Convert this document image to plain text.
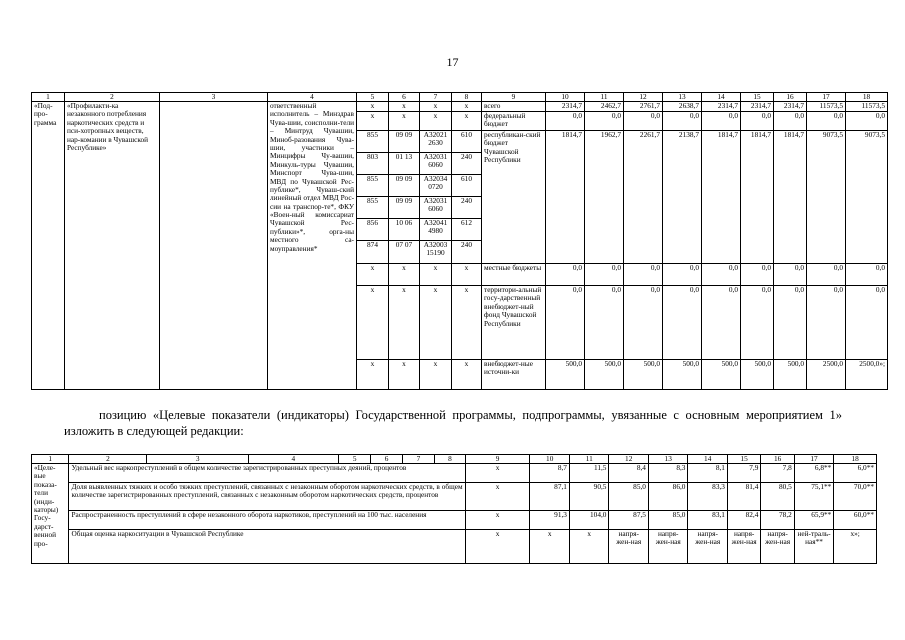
17
1	2	3	4	5	6	7	8	9	10	11	12	13	14	15	16	17	18
«Под-про-грамма	«Профилакти-ка незаконного потребления наркотических средств и пси-хотропных веществ, нар-комании в Чувашской Республике»		ответственный исполнитель – Минздрав Чува-шии, соисполни-тели – Минтруд Чувашии, Миноб-разования Чува-шии, участники – Минцифры Чу-вашии, Минкуль-туры Чувашии, Минспорт Чува-шии, МВД по Чувашской Рес-публике*, Чуваш-ский линейный отдел МВД Рос-сии на транспор-те*, ФКУ «Воен-ный комиссариат Чувашской Рес-публики»*, орга-ны местного са-моуправления*	x	x	x	x	всего	2314,7	2462,7	2761,7	2638,7	2314,7	2314,7	2314,7	11573,5	11573,5
				x	x	x	x	федеральный бюджет	0,0	0,0	0,0	0,0	0,0	0,0	0,0	0,0	0,0
				855	09 09	А32021 2630	610	республикан-ский бюджет Чувашской Республики	1814,7	1962,7	2261,7	2138,7	1814,7	1814,7	1814,7	9073,5	9073,5
				803	01 13	А32031 6060	240										
				855	09 09	А32034 0720	610										
				855	09 09	А32031 6060	240										
				856	10 06	А32041 4980	612										
				874	07 07	А32003 15190	240										
				x	x	x	x	местные бюджеты	0,0	0,0	0,0	0,0	0,0	0,0	0,0	0,0	0,0
				x	x	x	x	территори-альный госу-дарственный внебюджет-ный фонд Чувашской Республики	0,0	0,0	0,0	0,0	0,0	0,0	0,0	0,0	0,0
				x	x	x	x	внебюджет-ные источни-ки	500,0	500,0	500,0	500,0	500,0	500,0	500,0	2500,0	2500,0»;
позицию «Целевые показатели (индикаторы) Государственной программы, подпрограммы, увязанные с основным мероприятием 1» изложить в следующей редакции:
1	2	3	4	5	6	7	8	9	10	11	12	13	14	15	16	17	18
«Целе-вые показа-тели (инди-каторы) Госу-дарст-венной про-	Удельный вес наркопреступлений в общем количестве зарегистрированных преступных деяний, процентов							х	8,7	11,5	8,4	8,3	8,1	7,9	7,8	6,8**	6,0**
	Доля выявленных тяжких и особо тяжких преступлений, связанных с незаконным оборотом наркотических средств, в общем количестве зарегистрированных преступлений, связанных с незаконным оборотом наркотических средств, процентов							х	87,1	90,5	85,0	86,0	83,3	81,4	80,5	75,1**	70,0**
	Распространенность преступлений в сфере незаконного оборота наркотиков, преступлений на 100 тыс. населения							х	91,3	104,0	87,5	85,0	83,1	82,4	78,2	65,9**	60,0**
	Общая оценка наркоситуации в Чувашской Республике							х	х	х	напря-жен-ная	напря-жен-ная	напря-жен-ная	напря-жен-ная	напря-жен-ная	ней-траль-ная**	х»;
